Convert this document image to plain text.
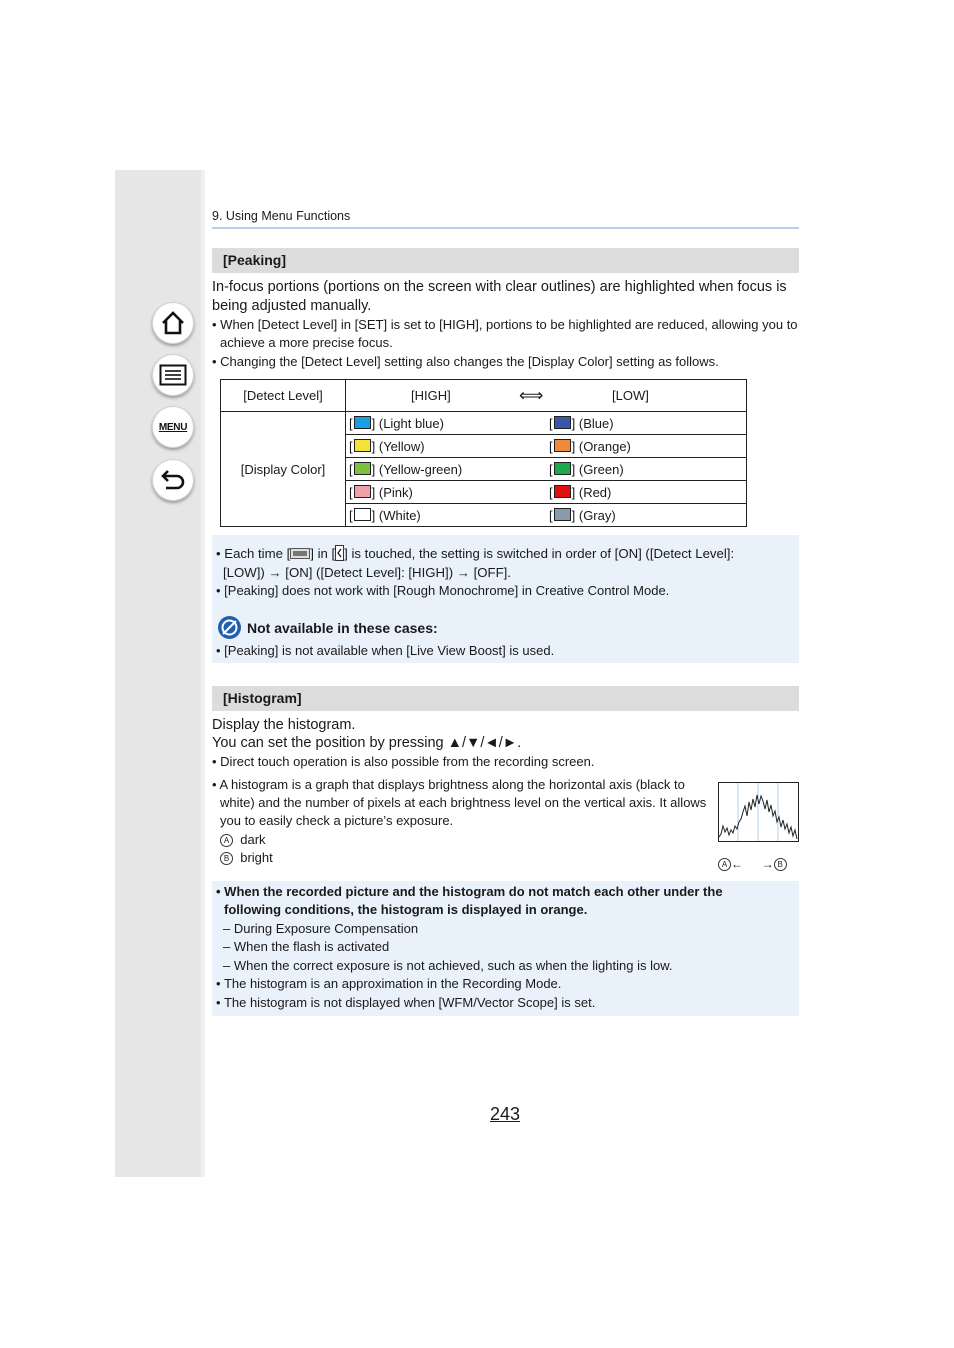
MENU
9. Using Menu Functions
[Peaking]
In-focus portions (portions on the screen with clear outlines) are highlighted when focus is being adjusted manually.
• When [Detect Level] in [SET] is set to [HIGH], portions to be highlighted are reduced, allowing you to achieve a more precise focus.
• Changing the [Detect Level] setting also changes the [Display Color] setting as follows.
[Detect Level]	[HIGH] ⟺ [LOW]

[Display Color]	[ ] (Light blue) [ ] (Blue)

	[ ] (Yellow) [ ] (Orange)

	[ ] (Yellow-green) [ ] (Green)

	[ ] (Pink) [ ] (Red)

	[ ] (White) [ ] (Gray)
• Each time [ ] in [ ] is touched, the setting is switched in order of [ON] ([Detect Level]:
[LOW]) → [ON] ([Detect Level]: [HIGH]) → [OFF].
• [Peaking] does not work with [Rough Monochrome] in Creative Control Mode.
Not available in these cases:
• [Peaking] is not available when [Live View Boost] is used.
[Histogram]
Display the histogram.
You can set the position by pressing ▲/▼/◄/►.
• Direct touch operation is also possible from the recording screen.
• A histogram is a graph that displays brightness along the horizontal axis (black to white) and the number of pixels at each brightness level on the vertical axis. It allows you to easily check a picture’s exposure.
A dark
B bright	A ← → B
• When the recorded picture and the histogram do not match each other under the following conditions, the histogram is displayed in orange.
– During Exposure Compensation
– When the flash is activated
– When the correct exposure is not achieved, such as when the lighting is low.
• The histogram is an approximation in the Recording Mode.
• The histogram is not displayed when [WFM/Vector Scope] is set.
243
